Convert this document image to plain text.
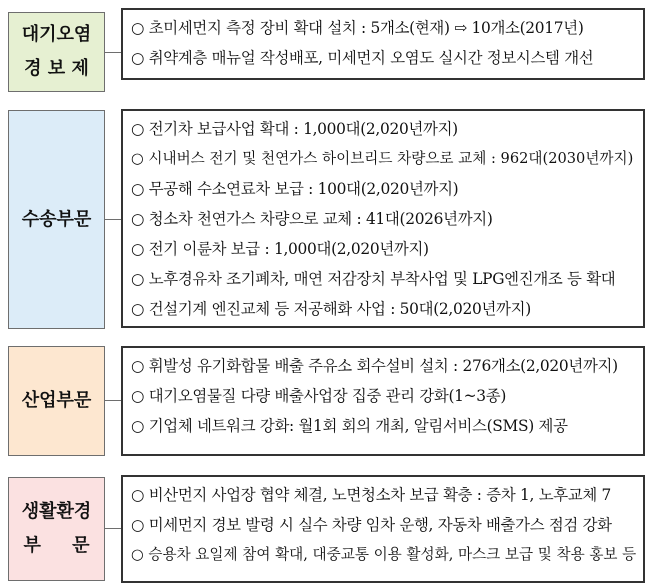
대기오염
경 보 제
○ 초미세먼지 측정 장비 확대 설치 : 5개소(현재) ⇨ 10개소(2017년)
○ 취약계층 매뉴얼 작성배포, 미세먼지 오염도 실시간 정보시스템 개선
수송부문
○ 전기차 보급사업 확대 : 1,000대(2,020년까지)
○ 시내버스 전기 및 천연가스 하이브리드 차량으로 교체 : 962대(2030년까지)
○ 무공해 수소연료차 보급 : 100대(2,020년까지)
○ 청소차 천연가스 차량으로 교체 : 41대(2026년까지)
○ 전기 이륜차 보급 : 1,000대(2,020년까지)
○ 노후경유차 조기폐차, 매연 저감장치 부착사업 및 LPG엔진개조 등 확대
○ 건설기계 엔진교체 등 저공해화 사업 : 50대(2,020년까지)
산업부문
○ 휘발성 유기화합물 배출 주유소 회수설비 설치 : 276개소(2,020년까지)
○ 대기오염물질 다량 배출사업장 집중 관리 강화(1~3종)
○ 기업체 네트워크 강화: 월1회 회의 개최, 알림서비스(SMS) 제공
생활환경
부     문
○ 비산먼지 사업장 협약 체결, 노면청소차 보급 확충 : 증차 1, 노후교체 7
○ 미세먼지 경보 발령 시 실수 차량 임차 운행, 자동차 배출가스 점검 강화
○ 승용차 요일제 참여 확대, 대중교통 이용 활성화, 마스크 보급 및 착용 홍보 등
